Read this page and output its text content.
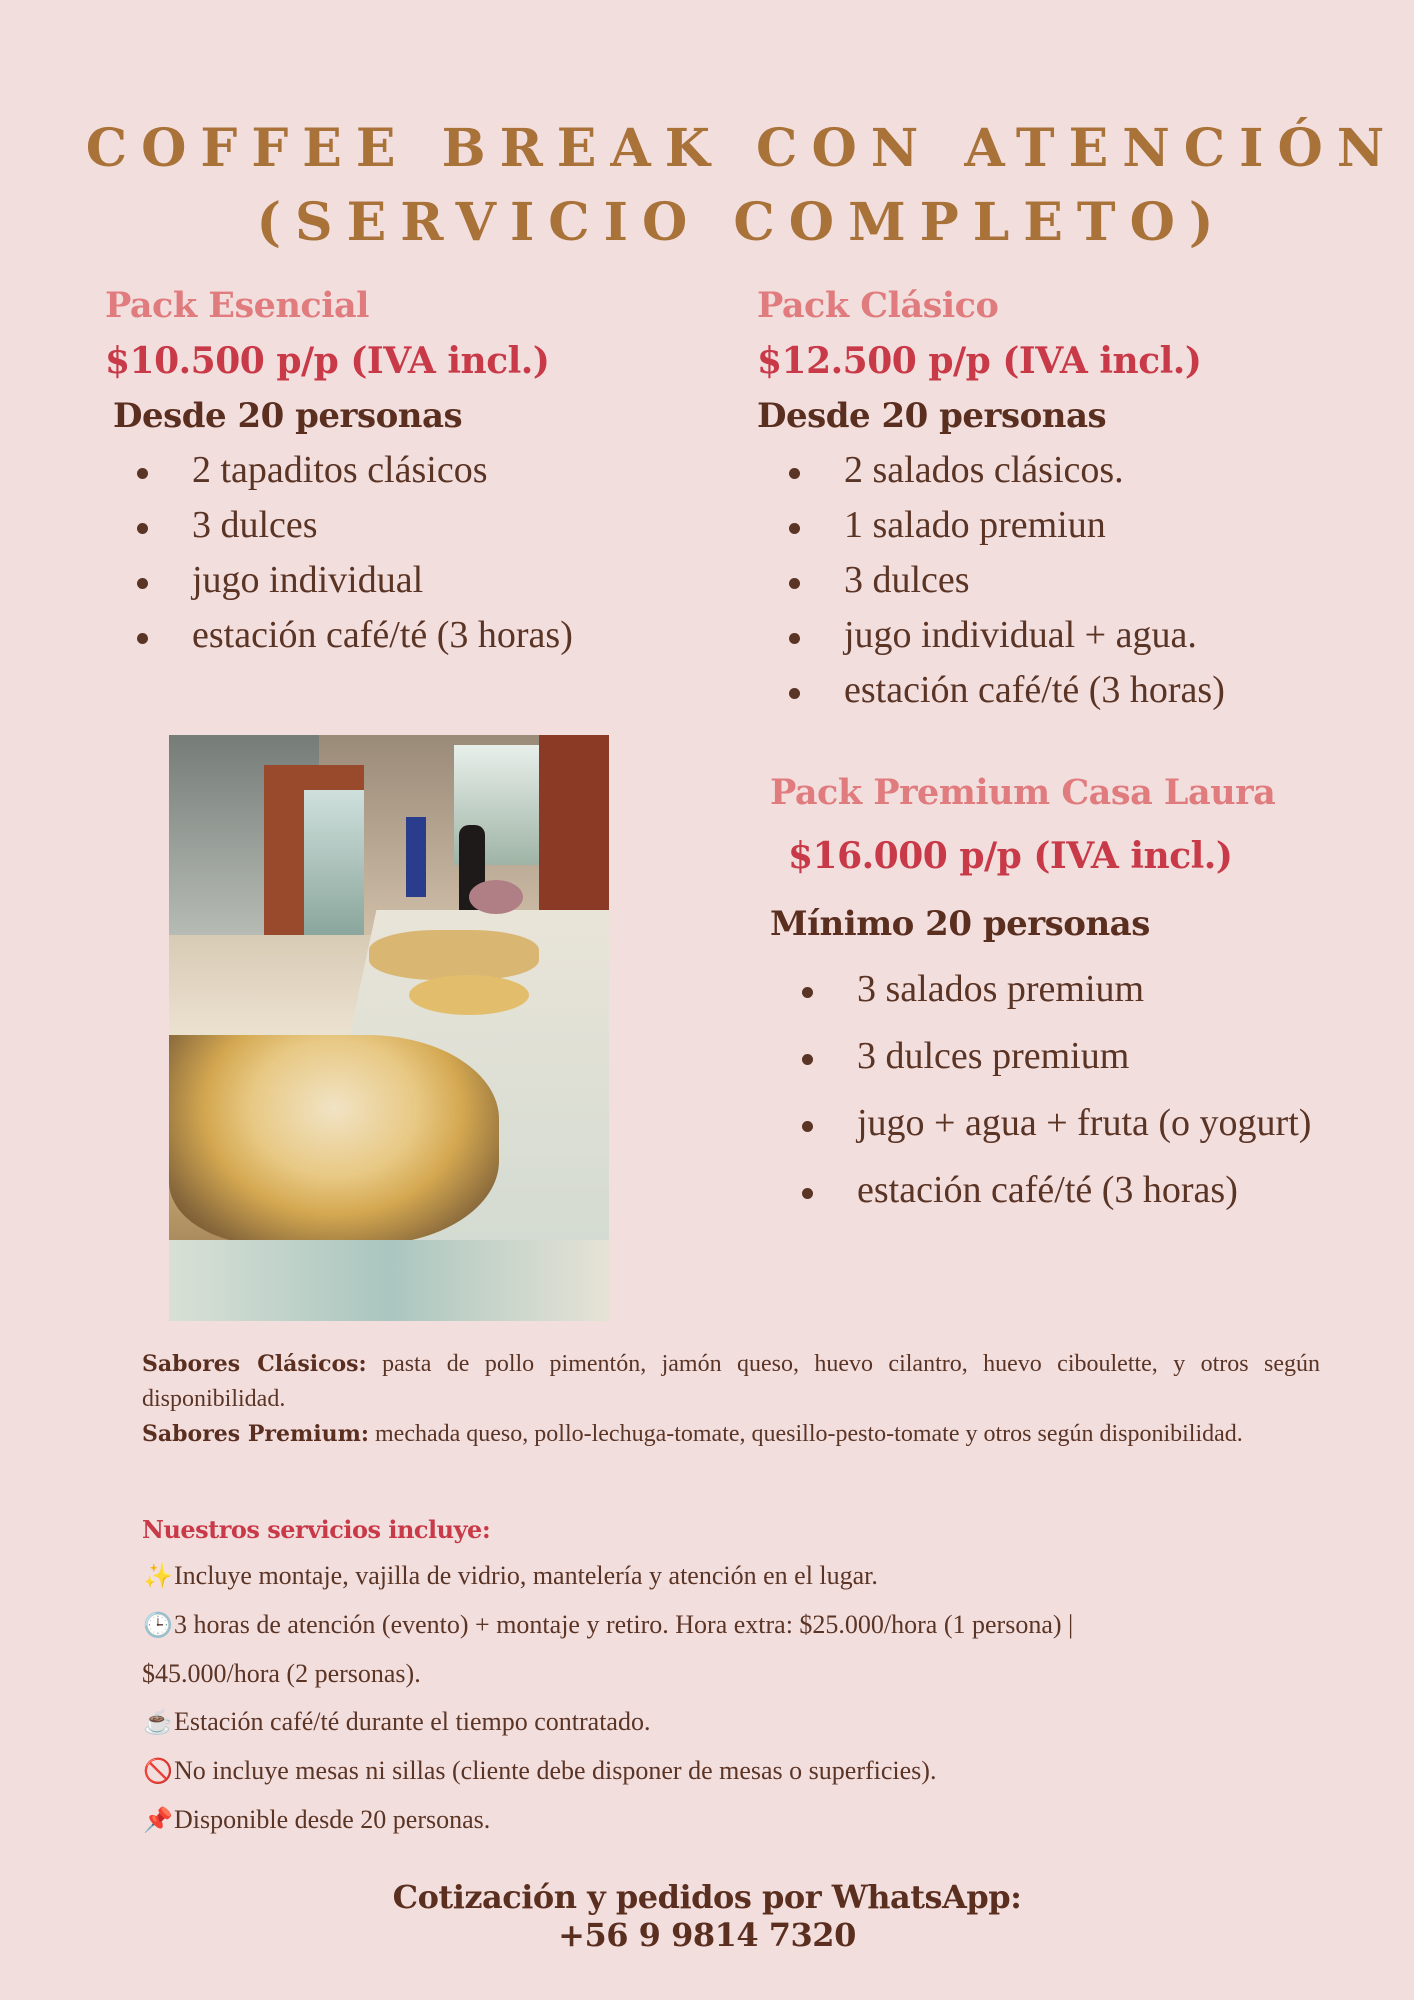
COFFEE BREAK CON ATENCIÓN
(SERVICIO COMPLETO)
Pack Esencial
$10.500 p/p (IVA incl.)
Desde 20 personas
2 tapaditos clásicos
3 dulces
jugo individual
estación café/té (3 horas)
Pack Clásico
$12.500 p/p (IVA incl.)
Desde 20 personas
2 salados clásicos.
1 salado premiun
3 dulces
jugo individual + agua.
estación café/té (3 horas)
Pack Premium Casa Laura
$16.000 p/p (IVA incl.)
Mínimo 20 personas
3 salados premium
3 dulces premium
jugo + agua + fruta (o yogurt)
estación café/té (3 horas)
Sabores Clásicos: pasta de pollo pimentón, jamón queso, huevo cilantro, huevo ciboulette, y otros según disponibilidad.
Sabores Premium: mechada queso, pollo-lechuga-tomate, quesillo-pesto-tomate y otros según disponibilidad.
Nuestros servicios incluye:
✨Incluye montaje, vajilla de vidrio, mantelería y atención en el lugar.
🕒3 horas de atención (evento) + montaje y retiro. Hora extra: $25.000/hora (1 persona) |
$45.000/hora (2 personas).
☕Estación café/té durante el tiempo contratado.
🚫No incluye mesas ni sillas (cliente debe disponer de mesas o superficies).
📌Disponible desde 20 personas.
Cotización y pedidos por WhatsApp:
+56 9 9814 7320
